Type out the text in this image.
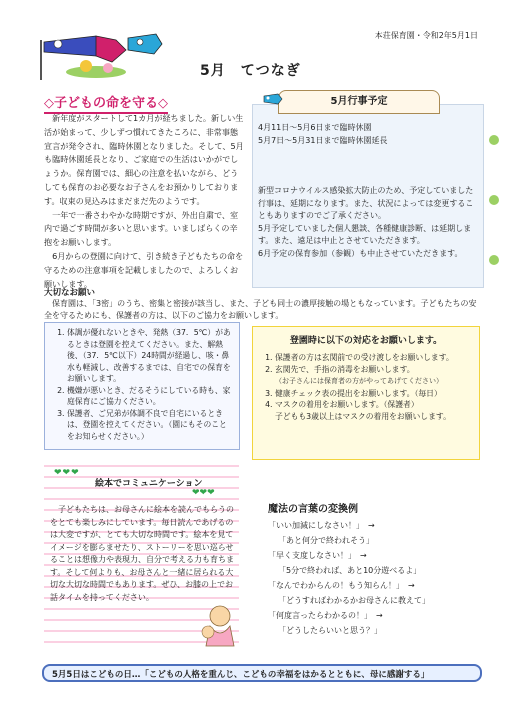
本荘保育園・令和2年5月1日
5月　てつなぎ
◇子どもの命を守る◇

新年度がスタートして1カ月が経ちました。新しい生活が始まって、少しずつ慣れてきたころに、非常事態宣言が発令され、臨時休園となりました。そして、5月も臨時休園延長となり、ご家庭での生活はいかがでしょうか。保育園では、細心の注意を払いながら、どうしても保育のお必要なお子さんをお預かりしております。収束の見込みはまだまだ先のようです。

一年で一番さわやかな時期ですが、外出自粛で、室内で過ごす時間が多いと思います。いましばらくの辛抱をお願いします。

6月からの登園に向けて、引き続き子どもたちの命を守るための注意事項を記載しましたので、よろしくお願いします。

5月行事予定

4月11日～5月6日まで臨時休園

5月7日～5月31日まで臨時休園延長

新型コロナウイルス感染拡大防止のため、予定していました行事は、延期になります。また、状況によっては変更することもありますのでご了承ください。

5月予定していました個人懇談、各種健康診断、は延期します。また、遠足は中止とさせていただきます。

6月予定の保育参加（参観）も中止させていただきます。

大切なお願い

保育園は、「3密」のうち、密集と密接が該当し、また、子ども同士の濃厚接触の場ともなっています。子どもたちの安全を守るためにも、保護者の方は、以下のご協力をお願いします。

1. 体調が優れないときや、発熱（37．5℃）があるときは登園を控えてください。また、解熱後、（37．5℃以下）24時間が経過し、咳・鼻水も軽減し、改善するまでは、自宅での保育をお願いします。
2. 機嫌が悪いとき、だるそうにしている時も、家庭保育にご協力ください。
3. 保護者、ご兄弟が体調不良で自宅にいるときは、登園を控えてください。（園にもそのことをお知らせください。）
登園時に以下の対応をお願いします。
1. 保護者の方は玄関前での受け渡しをお願いします。
2. 玄関先で、手指の消毒をお願いします。
（お子さんには保育者の方がやってあげてください）
3. 健康チェック表の提出をお願いします。（毎日）
4. マスクの着用をお願いします。（保護者）
子どもも3歳以上はマスクの着用をお願いします。
❤❤❤
❤❤❤
絵本でコミュニケーション

子どもたちは、お母さんに絵本を読んでもらうのをとても楽しみにしています。毎日読んであげるのは大変ですが、とても大切な時間です。絵本を見てイメージを膨らませたり、ストーリーを思い巡らせることは想像力や表現力、自分で考える力も育ちます。そして何よりも、お母さんと一緒に居られる大切な大切な時間でもあります。ぜひ、お膝の上でお話タイムを持ってください。

魔法の言葉の変換例
「いい加減にしなさい！」　→
「あと何分で終われそう」
「早く支度しなさい！」　→
「5分で終われば、あと10分遊べるよ」
「なんでわからんの！もう知らん！」　→
「どうすればわかるかお母さんに教えて」
「何度言ったらわかるの！」　→
「どうしたらいいと思う？」
5月5日はこどもの日…「こどもの人格を重んじ、こどもの幸福をはかるとともに、母に感謝する」
